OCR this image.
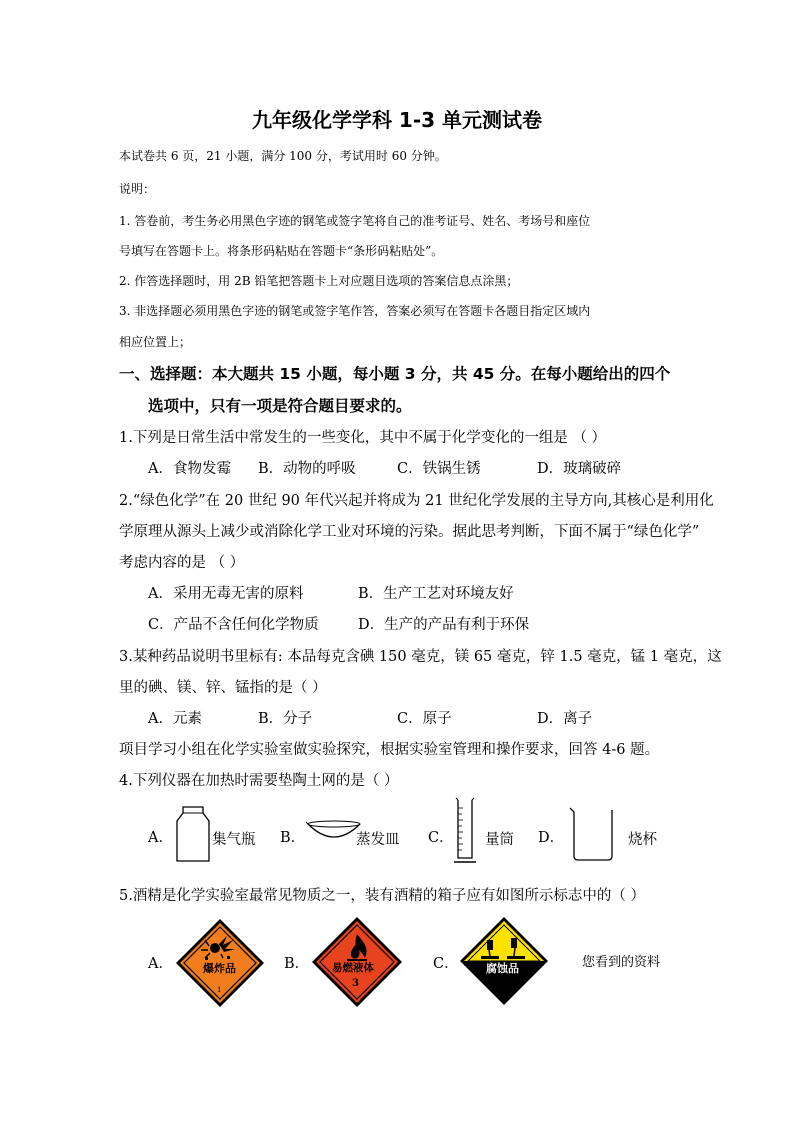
九年级化学学科 1-3 单元测试卷
本试卷共 6 页，21 小题，满分 100 分，考试用时 60 分钟。
说明：
1. 答卷前，考生务必用黑色字迹的钢笔或签字笔将自己的准考证号、姓名、考场号和座位
号填写在答题卡上。将条形码粘贴在答题卡“条形码粘贴处”。
2. 作答选择题时，用 2B 铅笔把答题卡上对应题目选项的答案信息点涂黑；
3. 非选择题必须用黑色字迹的钢笔或签字笔作答，答案必须写在答题卡各题目指定区域内
相应位置上；
一、选择题：本大题共 15 小题，每小题 3 分，共 45 分。在每小题给出的四个
选项中，只有一项是符合题目要求的。
1.下列是日常生活中常发生的一些变化，其中不属于化学变化的一组是 （ ）
A．食物发霉 B．动物的呼吸	C．铁锅生锈	D．玻璃破碎
2.“绿色化学”在 20 世纪 90 年代兴起并将成为 21 世纪化学发展的主导方向,其核心是利用化
学原理从源头上减少或消除化学工业对环境的污染。据此思考判断，下面不属于“绿色化学”
考虑内容的是 （ ）
A．采用无毒无害的原料	B．生产工艺对环境友好
C．产品不含任何化学物质	D．生产的产品有利于环保
3.某种药品说明书里标有: 本品每克含碘 150 毫克，镁 65 毫克，锌 1.5 毫克，锰 1 毫克，这
里的碘、镁、锌、锰指的是（ ）
A．元素	B．分子	C．原子	D．离子
项目学习小组在化学实验室做实验探究，根据实验室管理和操作要求，回答 4-6 题。
4.下列仪器在加热时需要垫陶土网的是（ ）
A．	集气瓶 B．	蒸发皿 C． 量筒 D．	烧杯
5.酒精是化学实验室最常见物质之一，装有酒精的箱子应有如图所示标志中的（ ）
A．	爆炸品
1
B． 易燃液体
3
C． 腐蚀品	您看到的资料
